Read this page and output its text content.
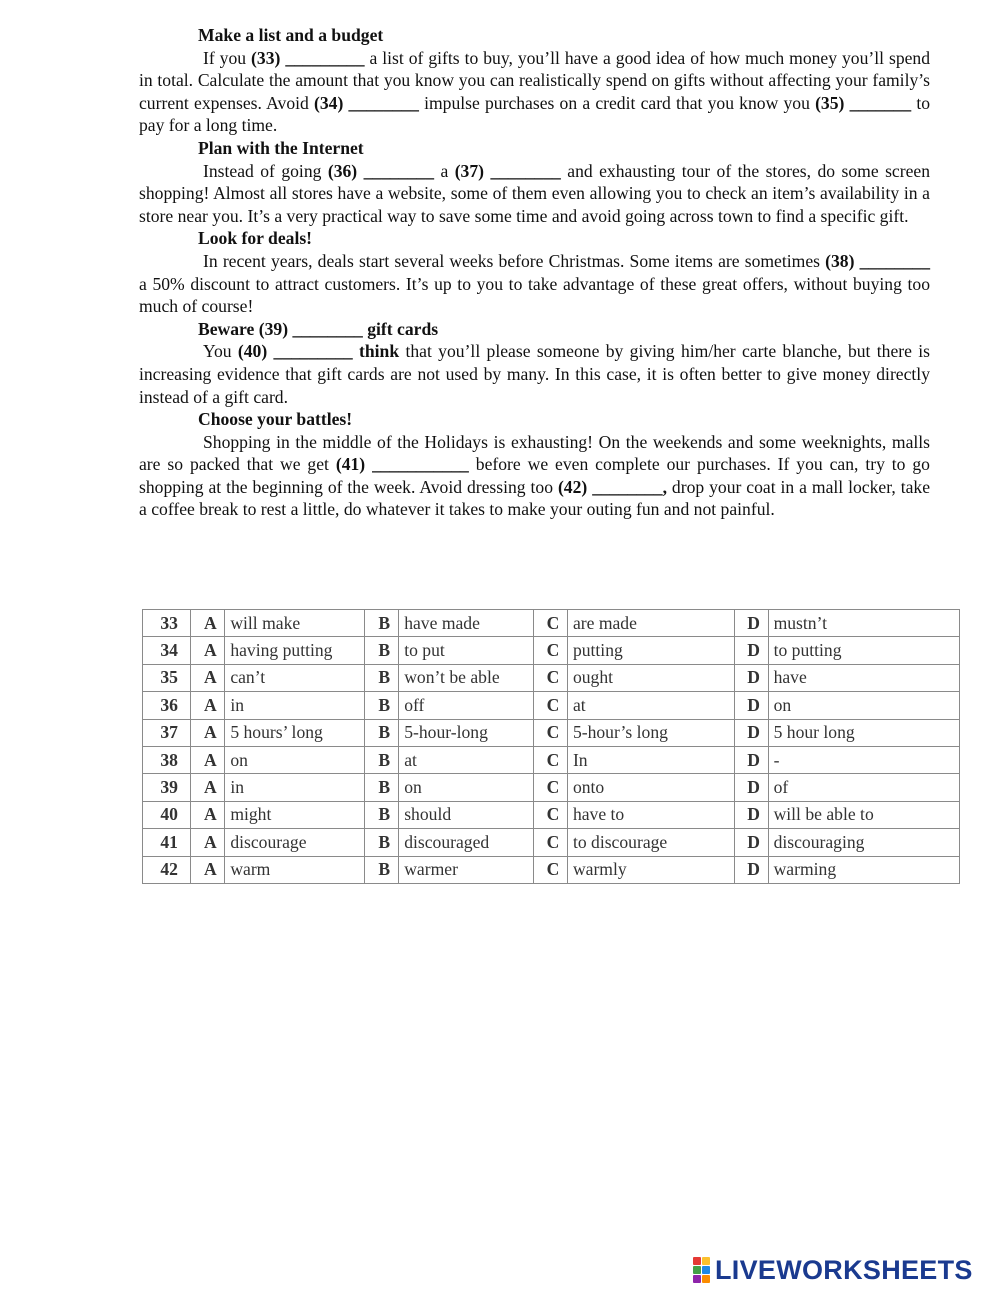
Make a list and a budget

If you (33) _________ a list of gifts to buy, you’ll have a good idea of how much money you’ll spend in total. Calculate the amount that you know you can realistically spend on gifts without affecting your family’s current expenses. Avoid (34) ________ impulse purchases on a credit card that you know you (35) _______ to pay for a long time.

Plan with the Internet

Instead of going (36) ________ a (37) ________ and exhausting tour of the stores, do some screen shopping! Almost all stores have a website, some of them even allowing you to check an item’s availability in a store near you. It’s a very practical way to save some time and avoid going across town to find a specific gift.

Look for deals!

In recent years, deals start several weeks before Christmas. Some items are sometimes (38) ________ a 50% discount to attract customers. It’s up to you to take advantage of these great offers, without buying too much of course!

Beware (39) ________ gift cards

You (40) _________ think that you’ll please someone by giving him/her carte blanche, but there is increasing evidence that gift cards are not used by many. In this case, it is often better to give money directly instead of a gift card.

Choose your battles!

Shopping in the middle of the Holidays is exhausting! On the weekends and some weeknights, malls are so packed that we get (41) ___________ before we even complete our purchases. If you can, try to go shopping at the beginning of the week. Avoid dressing too (42) ________, drop your coat in a mall locker, take a coffee break to rest a little, do whatever it takes to make your outing fun and not painful.

33	A	will make	B	have made	C	are made	D	mustn’t
34	A	having putting	B	to put	C	putting	D	to putting
35	A	can’t	B	won’t be able	C	ought	D	have
36	A	in	B	off	C	at	D	on
37	A	5 hours’ long	B	5-hour-long	C	5-hour’s long	D	5 hour long
38	A	on	B	at	C	In	D	-
39	A	in	B	on	C	onto	D	of
40	A	might	B	should	C	have to	D	will be able to
41	A	discourage	B	discouraged	C	to discourage	D	discouraging
42	A	warm	B	warmer	C	warmly	D	warming
LIVEWORKSHEETS
